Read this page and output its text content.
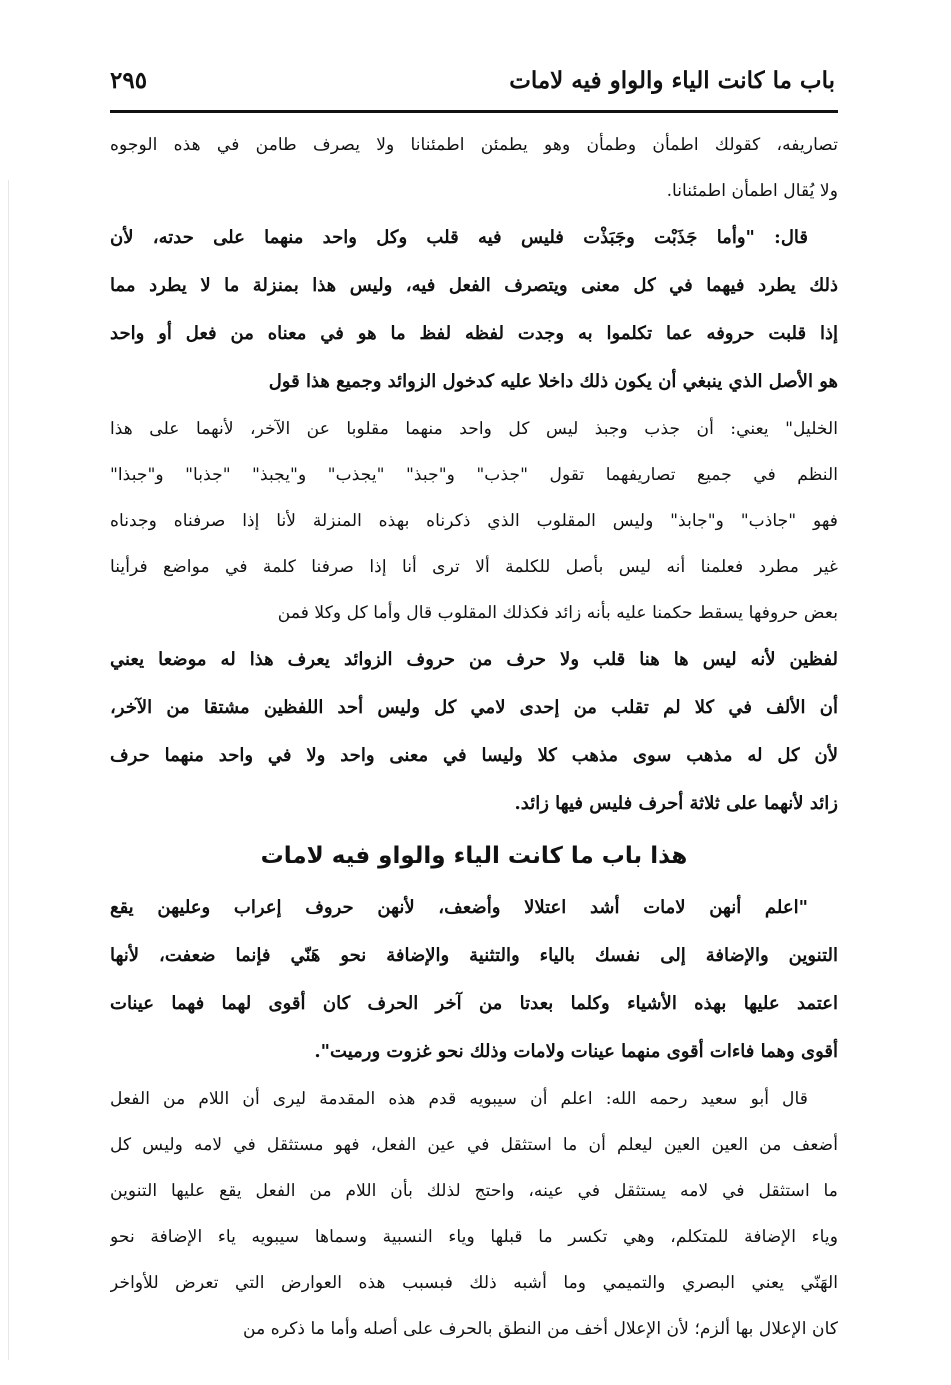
باب ما كانت الياء والواو فيه لامات
٢٩٥
تصاريفه، كقولك اطمأن وطمأن وهو يطمئن اطمئنانا ولا يصرف طامن في هذه الوجوه
ولا يُقال اطمأن اطمئنانا.
قال: "وأما جَذَبْت وجَبَذْت فليس فيه قلب وكل واحد منهما على حدته، لأن
ذلك يطرد فيهما في كل معنى ويتصرف الفعل فيه، وليس هذا بمنزلة ما لا يطرد مما
إذا قلبت حروفه عما تكلموا به وجدت لفظه لفظ ما هو في معناه من فعل أو واحد
هو الأصل الذي ينبغي أن يكون ذلك داخلا عليه كدخول الزوائد وجميع هذا قول
الخليل" يعني: أن جذب وجبذ ليس كل واحد منهما مقلوبا عن الآخر، لأنهما على هذا
النظم في جميع تصاريفهما تقول "جذب" و"جبذ" "يجذب" و"يجبذ" "جذبا" و"جبذا"
فهو "جاذب" و"جابذ" وليس المقلوب الذي ذكرناه بهذه المنزلة لأنا إذا صرفناه وجدناه
غير مطرد فعلمنا أنه ليس بأصل للكلمة ألا ترى أنا إذا صرفنا كلمة في مواضع فرأينا
بعض حروفها يسقط حكمنا عليه بأنه زائد فكذلك المقلوب قال وأما كل وكلا فمن
لفظين لأنه ليس ها هنا قلب ولا حرف من حروف الزوائد يعرف هذا له موضعا يعني
أن الألف في كلا لم تقلب من إحدى لامي كل وليس أحد اللفظين مشتقا من الآخر،
لأن كل له مذهب سوى مذهب كلا وليسا في معنى واحد ولا في واحد منهما حرف
زائد لأنهما على ثلاثة أحرف فليس فيها زائد.
هذا باب ما كانت الياء والواو فيه لامات
"اعلم أنهن لامات أشد اعتلالا وأضعف، لأنهن حروف إعراب وعليهن يقع
التنوين والإضافة إلى نفسك بالياء والتثنية والإضافة نحو هَنّي فإنما ضعفت، لأنها
اعتمد عليها بهذه الأشياء وكلما بعدتا من آخر الحرف كان أقوى لهما فهما عينات
أقوى وهما فاءات أقوى منهما عينات ولامات وذلك نحو غزوت ورميت".
قال أبو سعيد رحمه الله: اعلم أن سيبويه قدم هذه المقدمة ليرى أن اللام من الفعل
أضعف من العين العين ليعلم أن ما استثقل في عين الفعل، فهو مستثقل في لامه وليس كل
ما استثقل في لامه يستثقل في عينه، واحتج لذلك بأن اللام من الفعل يقع عليها التنوين
وياء الإضافة للمتكلم، وهي تكسر ما قبلها وياء النسبية وسماها سيبويه ياء الإضافة نحو
الهَنّي يعني البصري والتميمي وما أشبه ذلك فبسبب هذه العوارض التي تعرض للأواخر
كان الإعلال بها ألزم؛ لأن الإعلال أخف من النطق بالحرف على أصله وأما ما ذكره من
